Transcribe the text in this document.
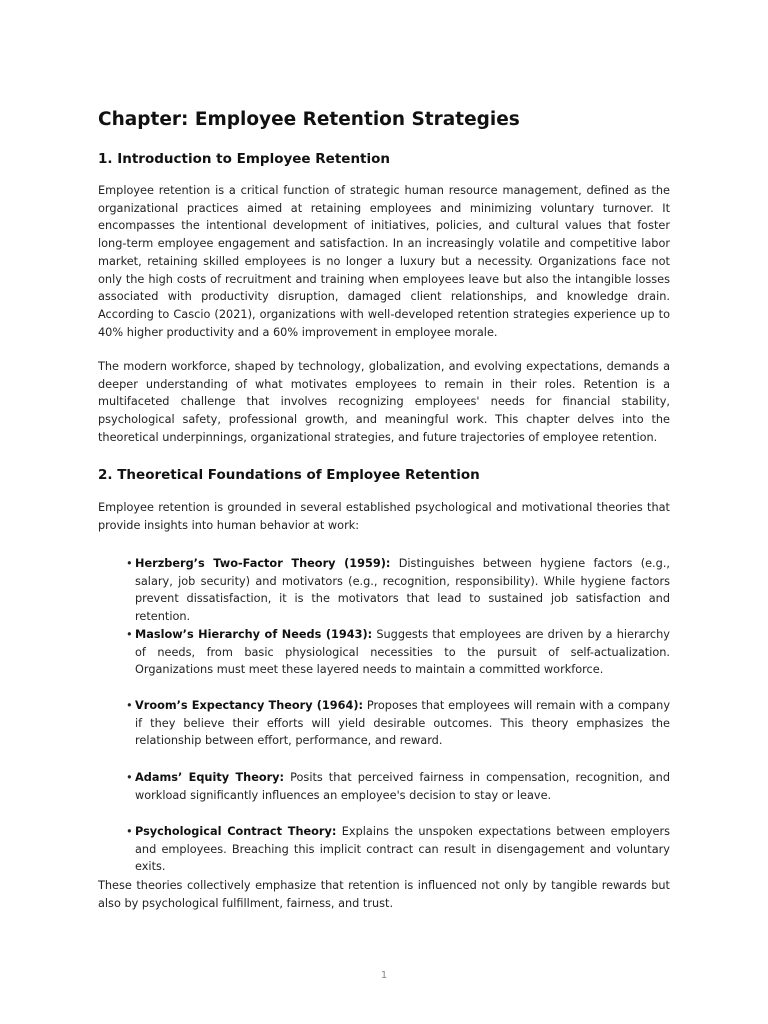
Chapter: Employee Retention Strategies
1. Introduction to Employee Retention

Employee retention is a critical function of strategic human resource management, defined as the organizational practices aimed at retaining employees and minimizing voluntary turnover. It encompasses the intentional development of initiatives, policies, and cultural values that foster long-term employee engagement and satisfaction. In an increasingly volatile and competitive labor market, retaining skilled employees is no longer a luxury but a necessity. Organizations face not only the high costs of recruitment and training when employees leave but also the intangible losses associated with productivity disruption, damaged client relationships, and knowledge drain. According to Cascio (2021), organizations with well-developed retention strategies experience up to 40% higher productivity and a 60% improvement in employee morale.

The modern workforce, shaped by technology, globalization, and evolving expectations, demands a deeper understanding of what motivates employees to remain in their roles. Retention is a multifaceted challenge that involves recognizing employees' needs for financial stability, psychological safety, professional growth, and meaningful work. This chapter delves into the theoretical underpinnings, organizational strategies, and future trajectories of employee retention.

2. Theoretical Foundations of Employee Retention

Employee retention is grounded in several established psychological and motivational theories that provide insights into human behavior at work:

• Herzberg’s Two-Factor Theory (1959): Distinguishes between hygiene factors (e.g., salary, job security) and motivators (e.g., recognition, responsibility). While hygiene factors prevent dissatisfaction, it is the motivators that lead to sustained job satisfaction and retention.
• Maslow’s Hierarchy of Needs (1943): Suggests that employees are driven by a hierarchy of needs, from basic physiological necessities to the pursuit of self-actualization. Organizations must meet these layered needs to maintain a committed workforce.
• Vroom’s Expectancy Theory (1964): Proposes that employees will remain with a company if they believe their efforts will yield desirable outcomes. This theory emphasizes the relationship between effort, performance, and reward.
• Adams’ Equity Theory: Posits that perceived fairness in compensation, recognition, and workload significantly influences an employee's decision to stay or leave.
• Psychological Contract Theory: Explains the unspoken expectations between employers and employees. Breaching this implicit contract can result in disengagement and voluntary exits.

These theories collectively emphasize that retention is influenced not only by tangible rewards but also by psychological fulfillment, fairness, and trust.

1
